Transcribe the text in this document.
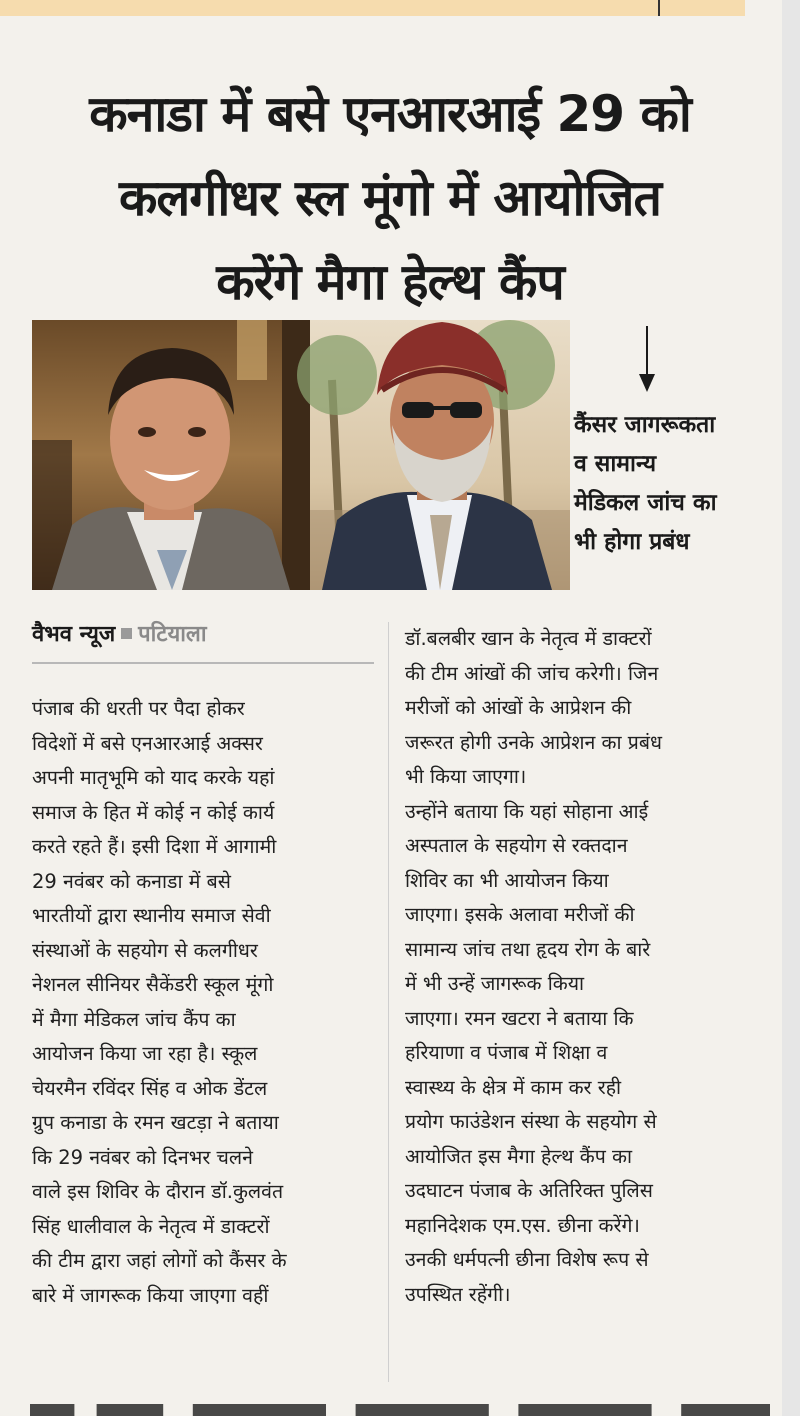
कनाडा में बसे एनआरआई 29 को
कलगीधर स्ल मूंगो में आयोजित
करेंगे मैगा हेल्थ कैंप

कैंसर जागरूकता
व सामान्य
मेडिकल जांच का
भी होगा प्रबंध

वैभव न्यूज पटियाला

पंजाब की धरती पर पैदा होकर
विदेशों में बसे एनआरआई अक्सर
अपनी मातृभूमि को याद करके यहां
समाज के हित में कोई न कोई कार्य
करते रहते हैं। इसी दिशा में आगामी
29 नवंबर को कनाडा में बसे
भारतीयों द्वारा स्थानीय समाज सेवी
संस्थाओं के सहयोग से कलगीधर
नेशनल सीनियर सैकेंडरी स्कूल मूंगो
में मैगा मेडिकल जांच कैंप का
आयोजन किया जा रहा है। स्कूल
चेयरमैन रविंदर सिंह व ओक डेंटल
ग्रुप कनाडा के रमन खटड़ा ने बताया
कि 29 नवंबर को दिनभर चलने
वाले इस शिविर के दौरान डॉ.कुलवंत
सिंह धालीवाल के नेतृत्व में डाक्टरों
की टीम द्वारा जहां लोगों को कैंसर के
बारे में जागरूक किया जाएगा वहीं

डॉ.बलबीर खान के नेतृत्व में डाक्टरों
की टीम आंखों की जांच करेगी। जिन
मरीजों को आंखों के आप्रेशन की
जरूरत होगी उनके आप्रेशन का प्रबंध
भी किया जाएगा।
उन्होंने बताया कि यहां सोहाना आई
अस्पताल के सहयोग से रक्तदान
शिविर का भी आयोजन किया
जाएगा। इसके अलावा मरीजों की
सामान्य जांच तथा हृदय रोग के बारे
में भी उन्हें जागरूक किया
जाएगा। रमन खटरा ने बताया कि
हरियाणा व पंजाब में शिक्षा व
स्वास्थ्य के क्षेत्र में काम कर रही
प्रयोग फाउंडेशन संस्था के सहयोग से
आयोजित इस मैगा हेल्थ कैंप का
उदघाटन पंजाब के अतिरिक्त पुलिस
महानिदेशक एम.एस. छीना करेंगे।
उनकी धर्मपत्नी छीना विशेष रूप से
उपस्थित रहेंगी।
